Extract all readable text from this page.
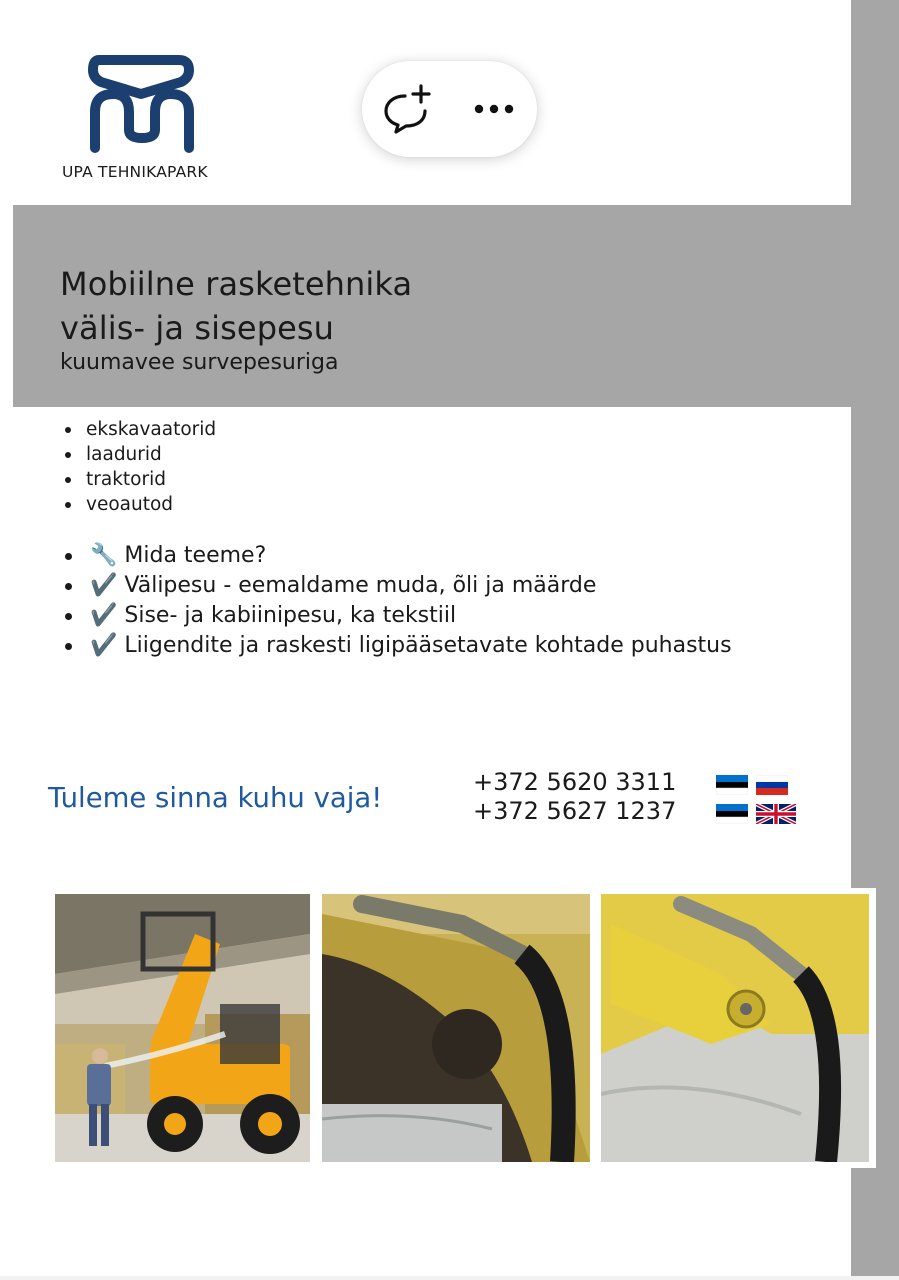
UPA TEHNIKAPARK
Mobiilne rasketehnika
välis- ja sisepesu
kuumavee survepesuriga
ekskavaatorid
laadurid
traktorid
veoautod
🔧 Mida teeme?
✔️ Välipesu - eemaldame muda, õli ja määrde
✔️ Sise- ja kabiinipesu, ka tekstiil
✔️ Liigendite ja raskesti ligipääsetavate kohtade puhastus
Tuleme sinna kuhu vaja!	+372 5620 3311
+372 5627 1237
